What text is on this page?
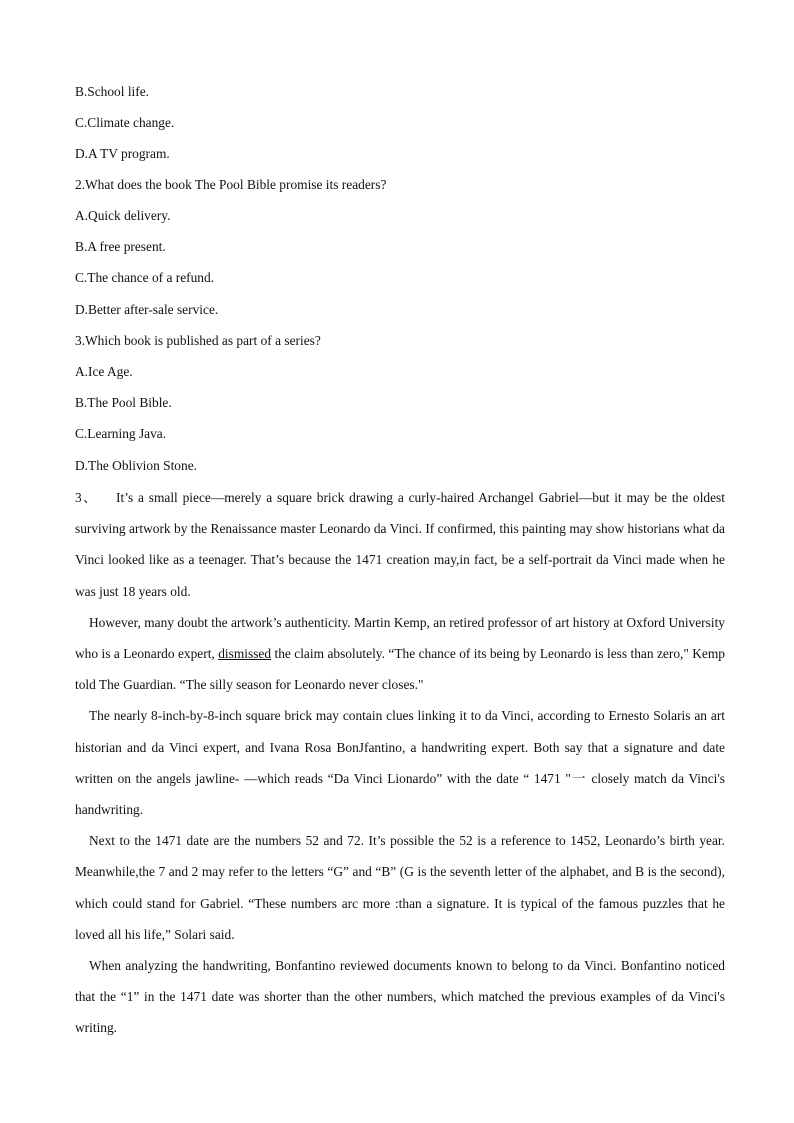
B.School life.
C.Climate change.
D.A TV program.
2.What does the book The Pool Bible promise its readers?
A.Quick delivery.
B.A free present.
C.The chance of a refund.
D.Better after-sale service.
3.Which book is published as part of a series?
A.Ice Age.
B.The Pool Bible.
C.Learning Java.
D.The Oblivion Stone.

3、 It’s a small piece—merely a square brick drawing a curly-haired Archangel Gabriel—but it may be the oldest surviving artwork by the Renaissance master Leonardo da Vinci. If confirmed, this painting may show historians what da Vinci looked like as a teenager. That’s because the 1471 creation may,in fact, be a self-portrait da Vinci made when he was just 18 years old.

However, many doubt the artwork’s authenticity. Martin Kemp, an retired professor of art history at Oxford University who is a Leonardo expert, dismissed the claim absolutely. “The chance of its being by Leonardo is less than zero," Kemp told The Guardian. “The silly season for Leonardo never closes."

The nearly 8-inch-by-8-inch square brick may contain clues linking it to da Vinci, according to Ernesto Solaris an art historian and da Vinci expert, and Ivana Rosa BonJfantino, a handwriting expert. Both say that a signature and date written on the angels jawline- —which reads “Da Vinci Lionardo” with the date “ 1471 "一 closely match da Vinci's handwriting.

Next to the 1471 date are the numbers 52 and 72. It’s possible the 52 is a reference to 1452, Leonardo’s birth year. Meanwhile,the 7 and 2 may refer to the letters “G” and “B” (G is the seventh letter of the alphabet, and B is the second), which could stand for Gabriel. “These numbers arc more :than a signature. It is typical of the famous puzzles that he loved all his life,” Solari said.

When analyzing the handwriting, Bonfantino reviewed documents known to belong to da Vinci. Bonfantino noticed that the “1” in the 1471 date was shorter than the other numbers, which matched the previous examples of da Vinci's writing.
